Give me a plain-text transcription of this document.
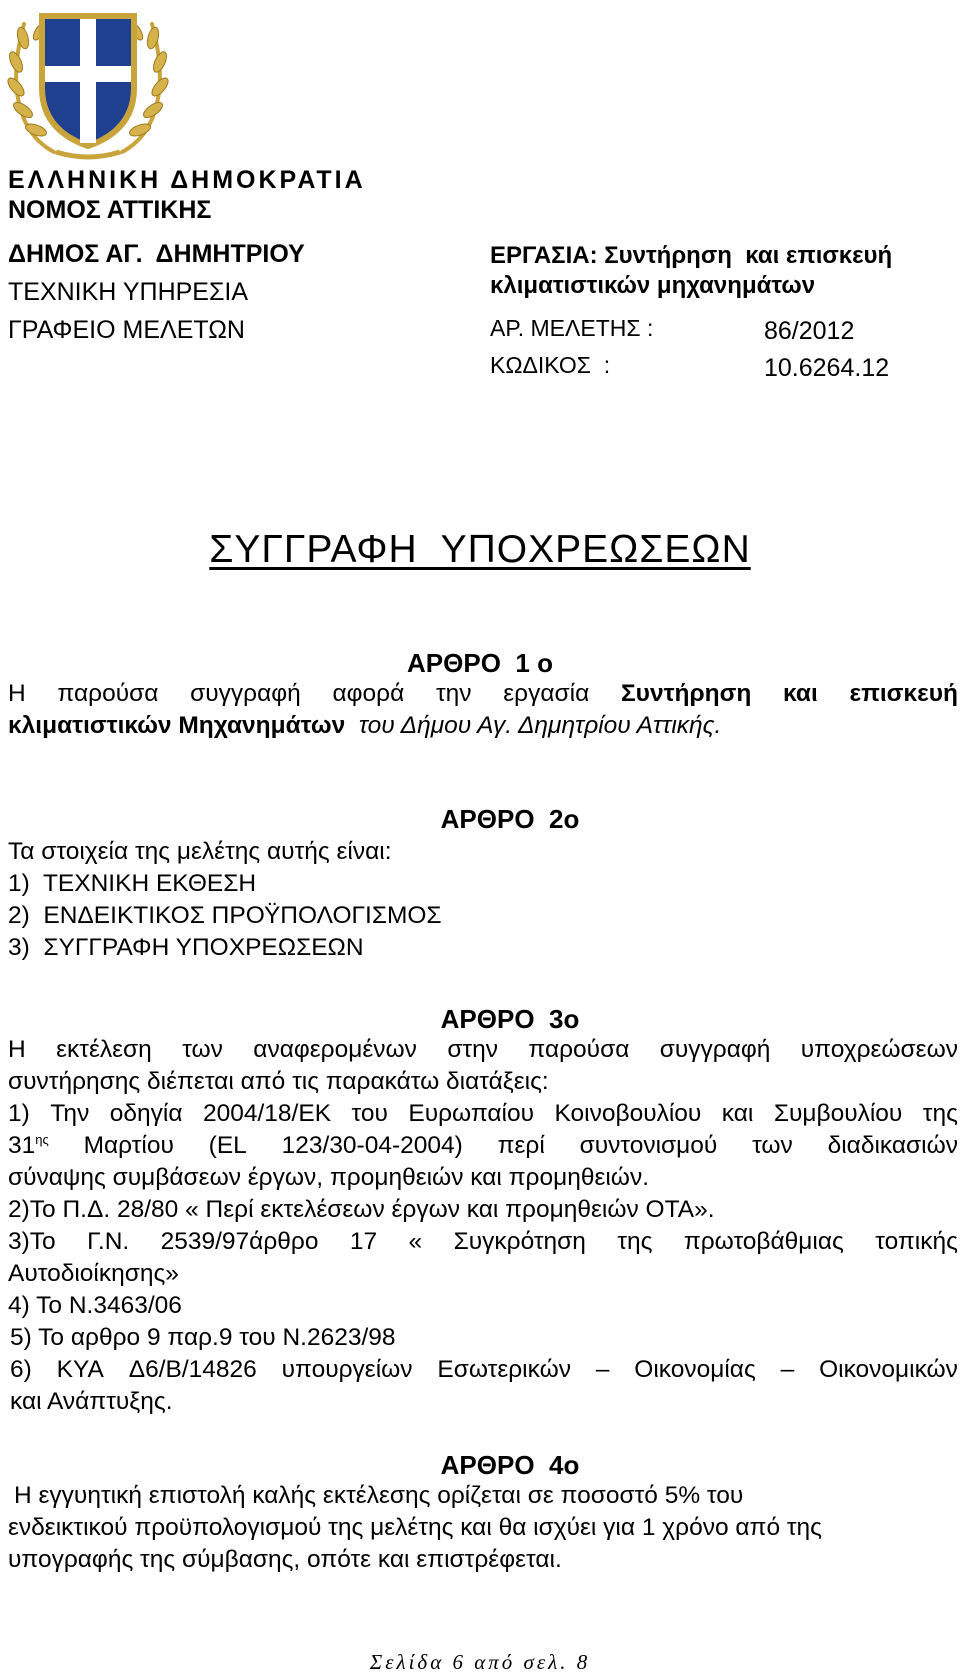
ΕΛΛΗΝΙΚΗ ΔΗΜΟΚΡΑΤΙΑ
ΝΟΜΟΣ ΑΤΤΙΚΗΣ
ΔΗΜΟΣ ΑΓ.  ΔΗΜΗΤΡΙΟΥ
ΤΕΧΝΙΚΗ ΥΠΗΡΕΣΙΑ
ΓΡΑΦΕΙΟ ΜΕΛΕΤΩΝ
ΕΡΓΑΣΙΑ: Συντήρηση  και επισκευή
κλιματιστικών μηχανημάτων
ΑΡ. ΜΕΛΕΤΗΣ :	86/2012
ΚΩΔΙΚΟΣ  :	10.6264.12
ΣΥΓΓΡΑΦΗ  ΥΠΟΧΡΕΩΣΕΩΝ
ΑΡΘΡΟ  1 ο
Η παρούσα συγγραφή αφορά την εργασία Συντήρηση και επισκευή
κλιματιστικών Μηχανημάτων του Δήμου Αγ. Δημητρίου Αττικής.
ΑΡΘΡΟ  2ο
Τα στοιχεία της μελέτης αυτής είναι:
1)  ΤΕΧΝΙΚΗ ΕΚΘΕΣΗ
2)  ΕΝΔΕΙΚΤΙΚΟΣ ΠΡΟΫΠΟΛΟΓΙΣΜΟΣ
3)  ΣΥΓΓΡΑΦΗ ΥΠΟΧΡΕΩΣΕΩΝ
ΑΡΘΡΟ  3ο
Η εκτέλεση των αναφερομένων στην παρούσα συγγραφή υποχρεώσεων
συντήρησης διέπεται από τις παρακάτω διατάξεις:
1) Την οδηγία 2004/18/ΕΚ του Ευρωπαίου Κοινοβουλίου και Συμβουλίου της
$31^{\eta\varsigma}$ Μαρτίου (EL 123/30-04-2004) περί συντονισμού των διαδικασιών
σύναψης συμβάσεων έργων, προμηθειών και προμηθειών.
2)Το Π.Δ. 28/80 « Περί εκτελέσεων έργων και προμηθειών ΟΤΑ».
3)Το Γ.Ν. 2539/97άρθρο 17 « Συγκρότηση της πρωτοβάθμιας τοπικής
Αυτοδιοίκησης»
4) Το Ν.3463/06
5) Το αρθρο 9 παρ.9 του Ν.2623/98
6) ΚΥΑ Δ6/Β/14826 υπουργείων Εσωτερικών – Οικονομίας – Οικονομικών
και Ανάπτυξης.
ΑΡΘΡΟ  4ο
Η εγγυητική επιστολή καλής εκτέλεσης ορίζεται σε ποσοστό 5% του
ενδεικτικού προϋπολογισμού της μελέτης και θα ισχύει για 1 χρόνο από της
υπογραφής της σύμβασης, οπότε και επιστρέφεται.
Σελίδα 6 από σελ. 8
